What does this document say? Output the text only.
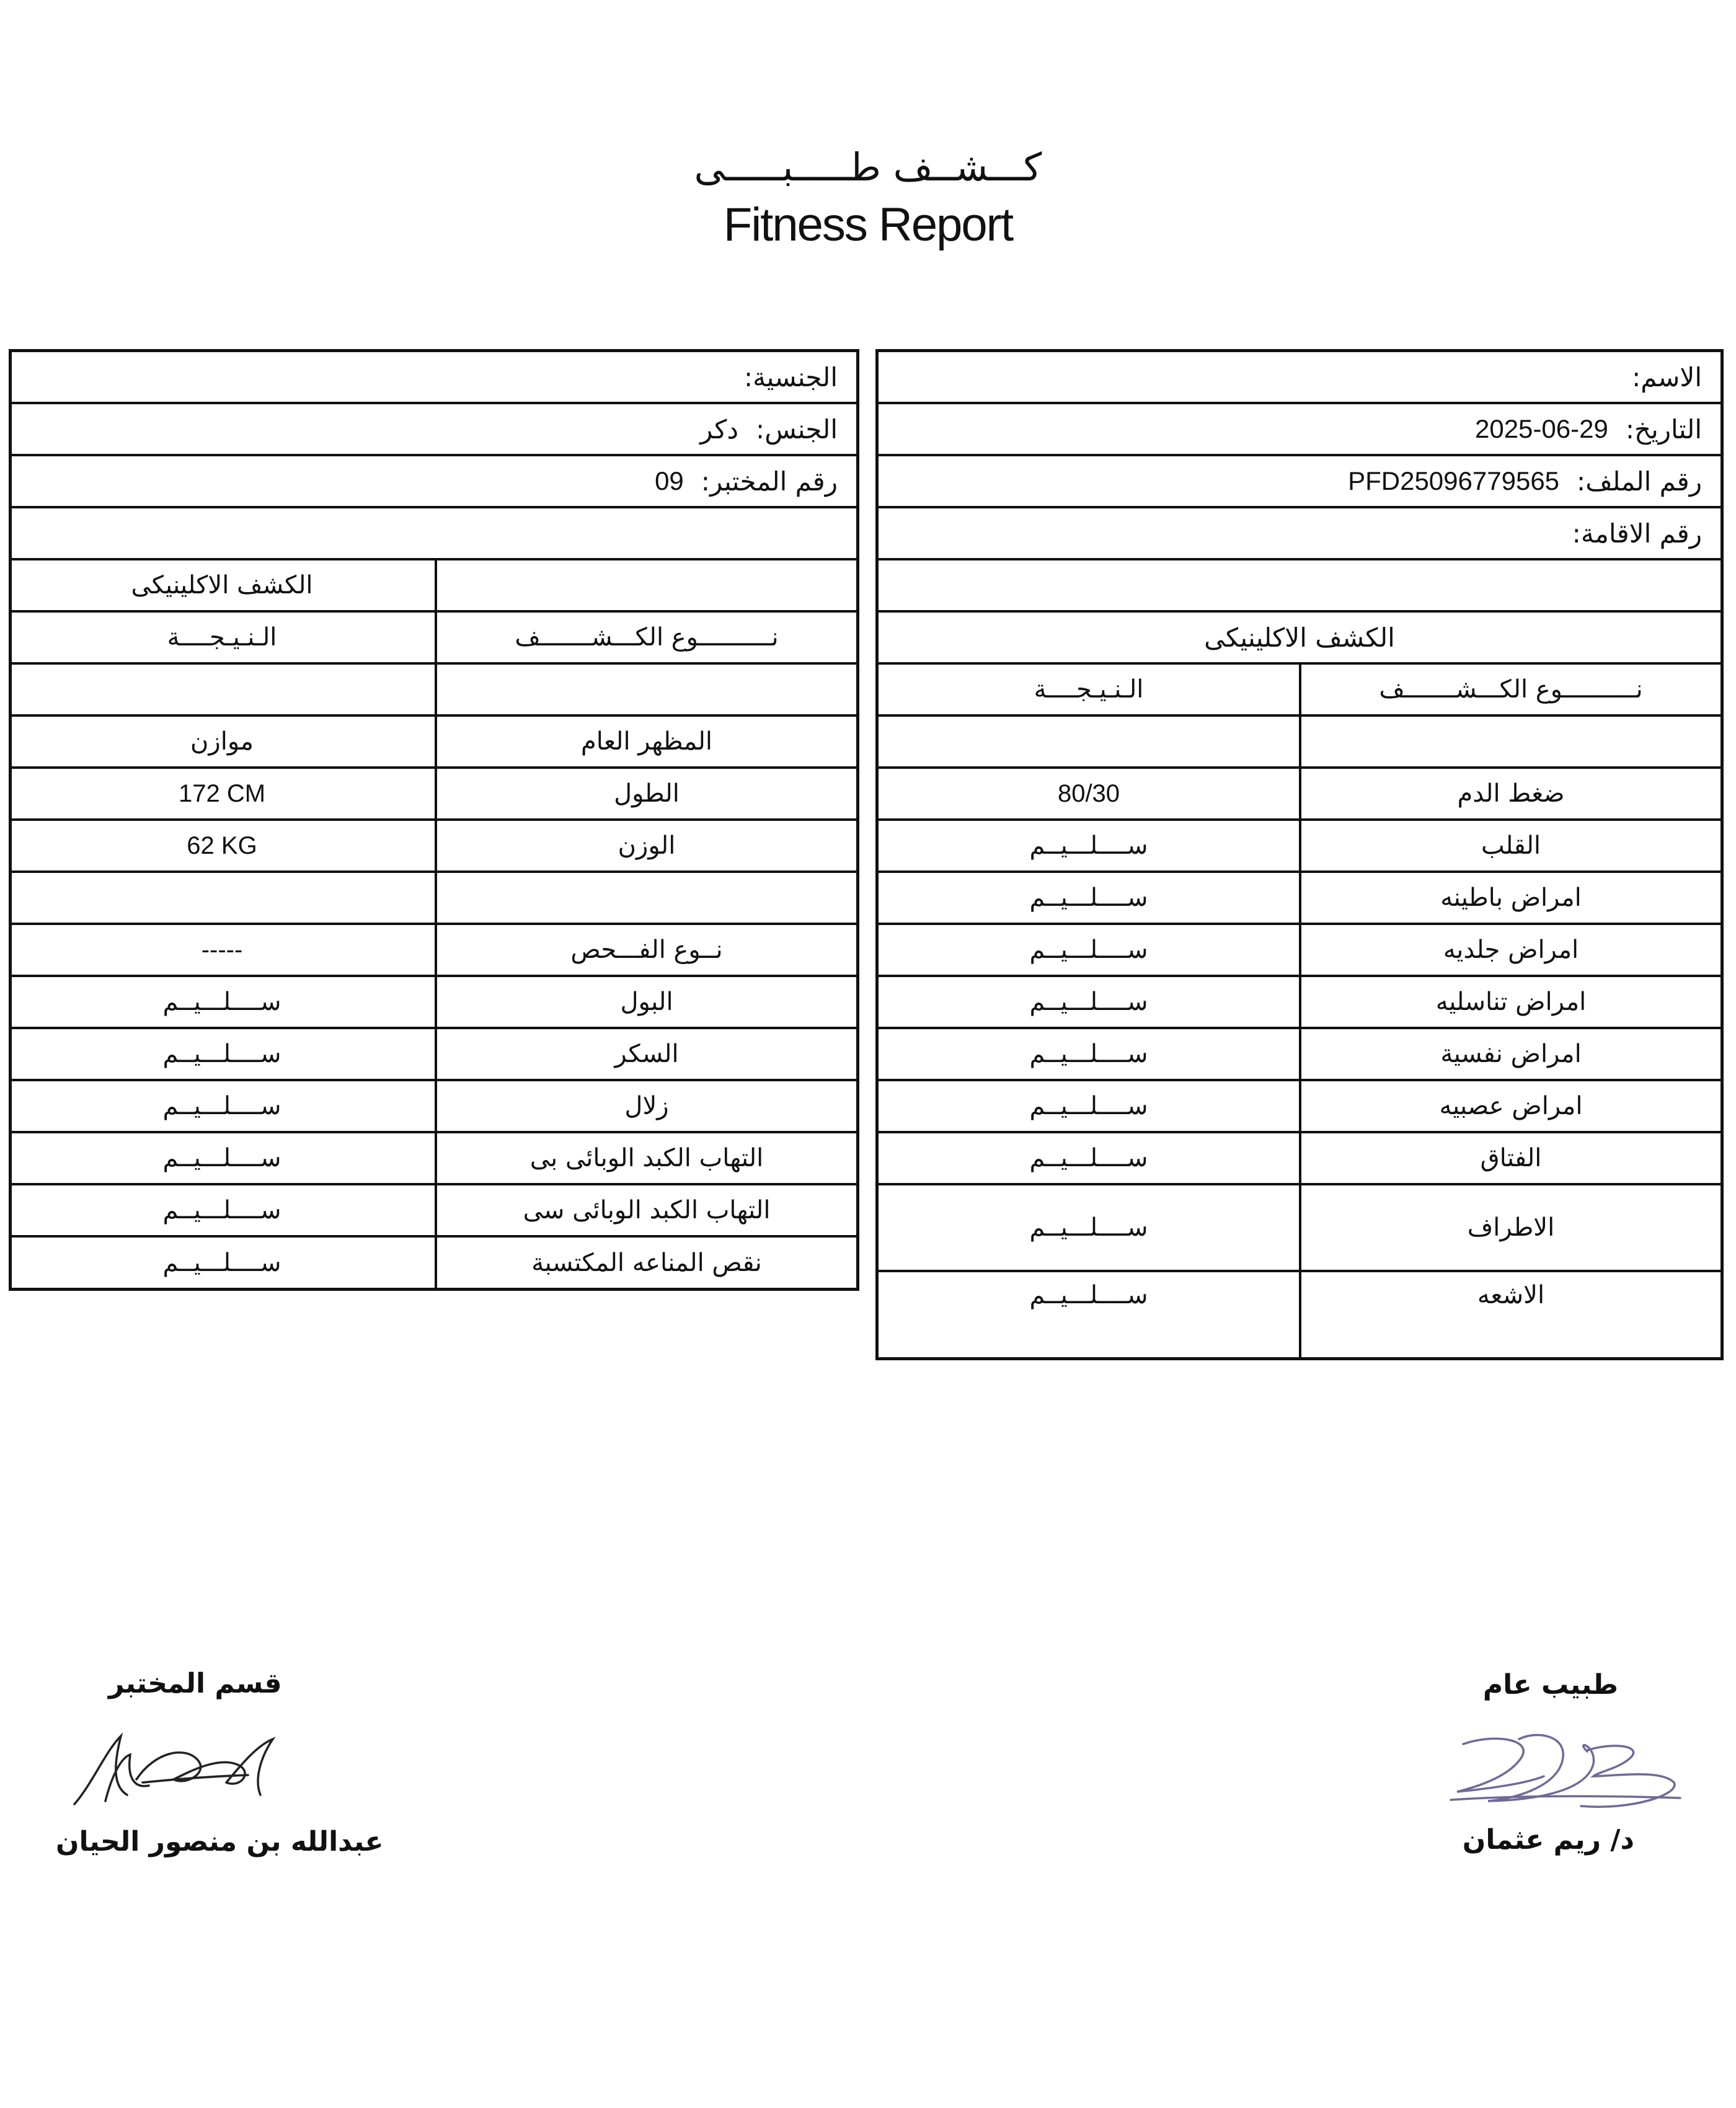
كـــشــف طـــــبـــــى
Fitness Report
الاسم:
التاريخ:
2025-06-29
رقم الملف:
PFD25096779565
رقم الاقامة:
الكشف الاكلينيكى
نــــــــــوع الكـــشـــــــف
الـنـيـجــــة
ضغط الدم
80/30
القلب
ســــلـــيــم
امراض باطينه
ســــلـــيــم
امراض جلديه
ســــلـــيــم
امراض تناسليه
ســــلـــيــم
امراض نفسية
ســــلـــيــم
امراض عصبيه
ســــلـــيــم
الفتاق
ســــلـــيــم
الاطراف
ســــلـــيــم
الاشعه
ســــلـــيــم
الجنسية:
الجنس:
دكر
رقم المختبر:
09
الكشف الاكلينيكى
نــــــــــوع الكـــشـــــــف
الـنـيـجــــة
المظهر العام
موازن
الطول
172 CM
الوزن
62 KG
نــوع الفـــحص
-----
البول
ســــلـــيــم
السكر
ســــلـــيــم
زلال
ســــلـــيــم
التهاب الكبد الوبائى بى
ســــلـــيــم
التهاب الكبد الوبائى سى
ســــلـــيــم
نقص المناعه المكتسبة
ســــلـــيــم
طبيب عام
د/ ريم عثمان
قسم المختبر
عبدالله بن منصور الحيان
